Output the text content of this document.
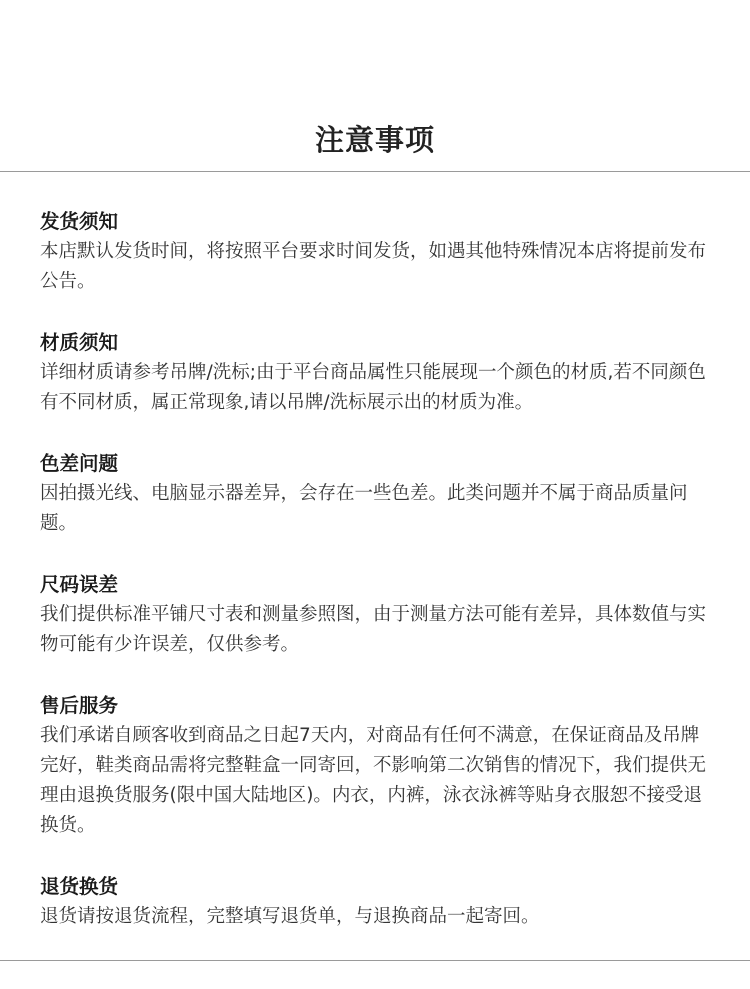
注意事项
发货须知
本店默认发货时间，将按照平台要求时间发货，如遇其他特殊情况本店将提前发布公告。
材质须知
详细材质请参考吊牌/洗标;由于平台商品属性只能展现一个颜色的材质,若不同颜色有不同材质，属正常现象,请以吊牌/洗标展示出的材质为准。
色差问题
因拍摄光线、电脑显示器差异，会存在一些色差。此类问题并不属于商品质量问题。
尺码误差
我们提供标准平铺尺寸表和测量参照图，由于测量方法可能有差异，具体数值与实物可能有少许误差，仅供参考。
售后服务
我们承诺自顾客收到商品之日起7天内，对商品有任何不满意，在保证商品及吊牌完好，鞋类商品需将完整鞋盒一同寄回，不影响第二次销售的情况下，我们提供无理由退换货服务(限中国大陆地区)。内衣，内裤，泳衣泳裤等贴身衣服恕不接受退换货。
退货换货
退货请按退货流程，完整填写退货单，与退换商品一起寄回。
